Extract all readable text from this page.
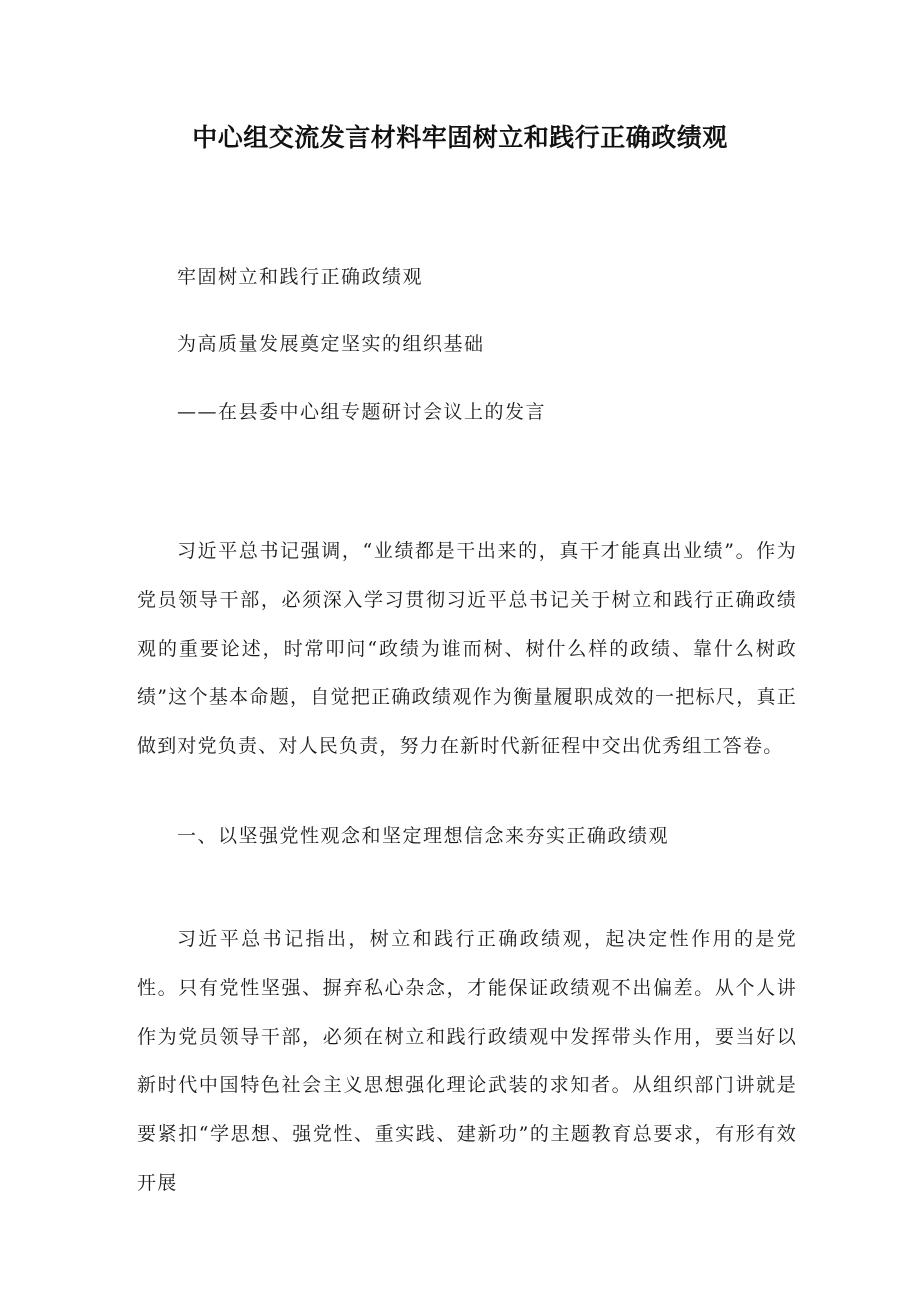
中心组交流发言材料牢固树立和践行正确政绩观
牢固树立和践行正确政绩观
为高质量发展奠定坚实的组织基础
——在县委中心组专题研讨会议上的发言
习近平总书记强调，“业绩都是干出来的，真干才能真出业绩”。作为党员领导干部，必须深入学习贯彻习近平总书记关于树立和践行正确政绩观的重要论述，时常叩问“政绩为谁而树、树什么样的政绩、靠什么树政绩”这个基本命题，自觉把正确政绩观作为衡量履职成效的一把标尺，真正做到对党负责、对人民负责，努力在新时代新征程中交出优秀组工答卷。
一、以坚强党性观念和坚定理想信念来夯实正确政绩观
习近平总书记指出，树立和践行正确政绩观，起决定性作用的是党性。只有党性坚强、摒弃私心杂念，才能保证政绩观不出偏差。从个人讲作为党员领导干部，必须在树立和践行政绩观中发挥带头作用，要当好以新时代中国特色社会主义思想强化理论武装的求知者。从组织部门讲就是要紧扣“学思想、强党性、重实践、建新功”的主题教育总要求，有形有效开展
